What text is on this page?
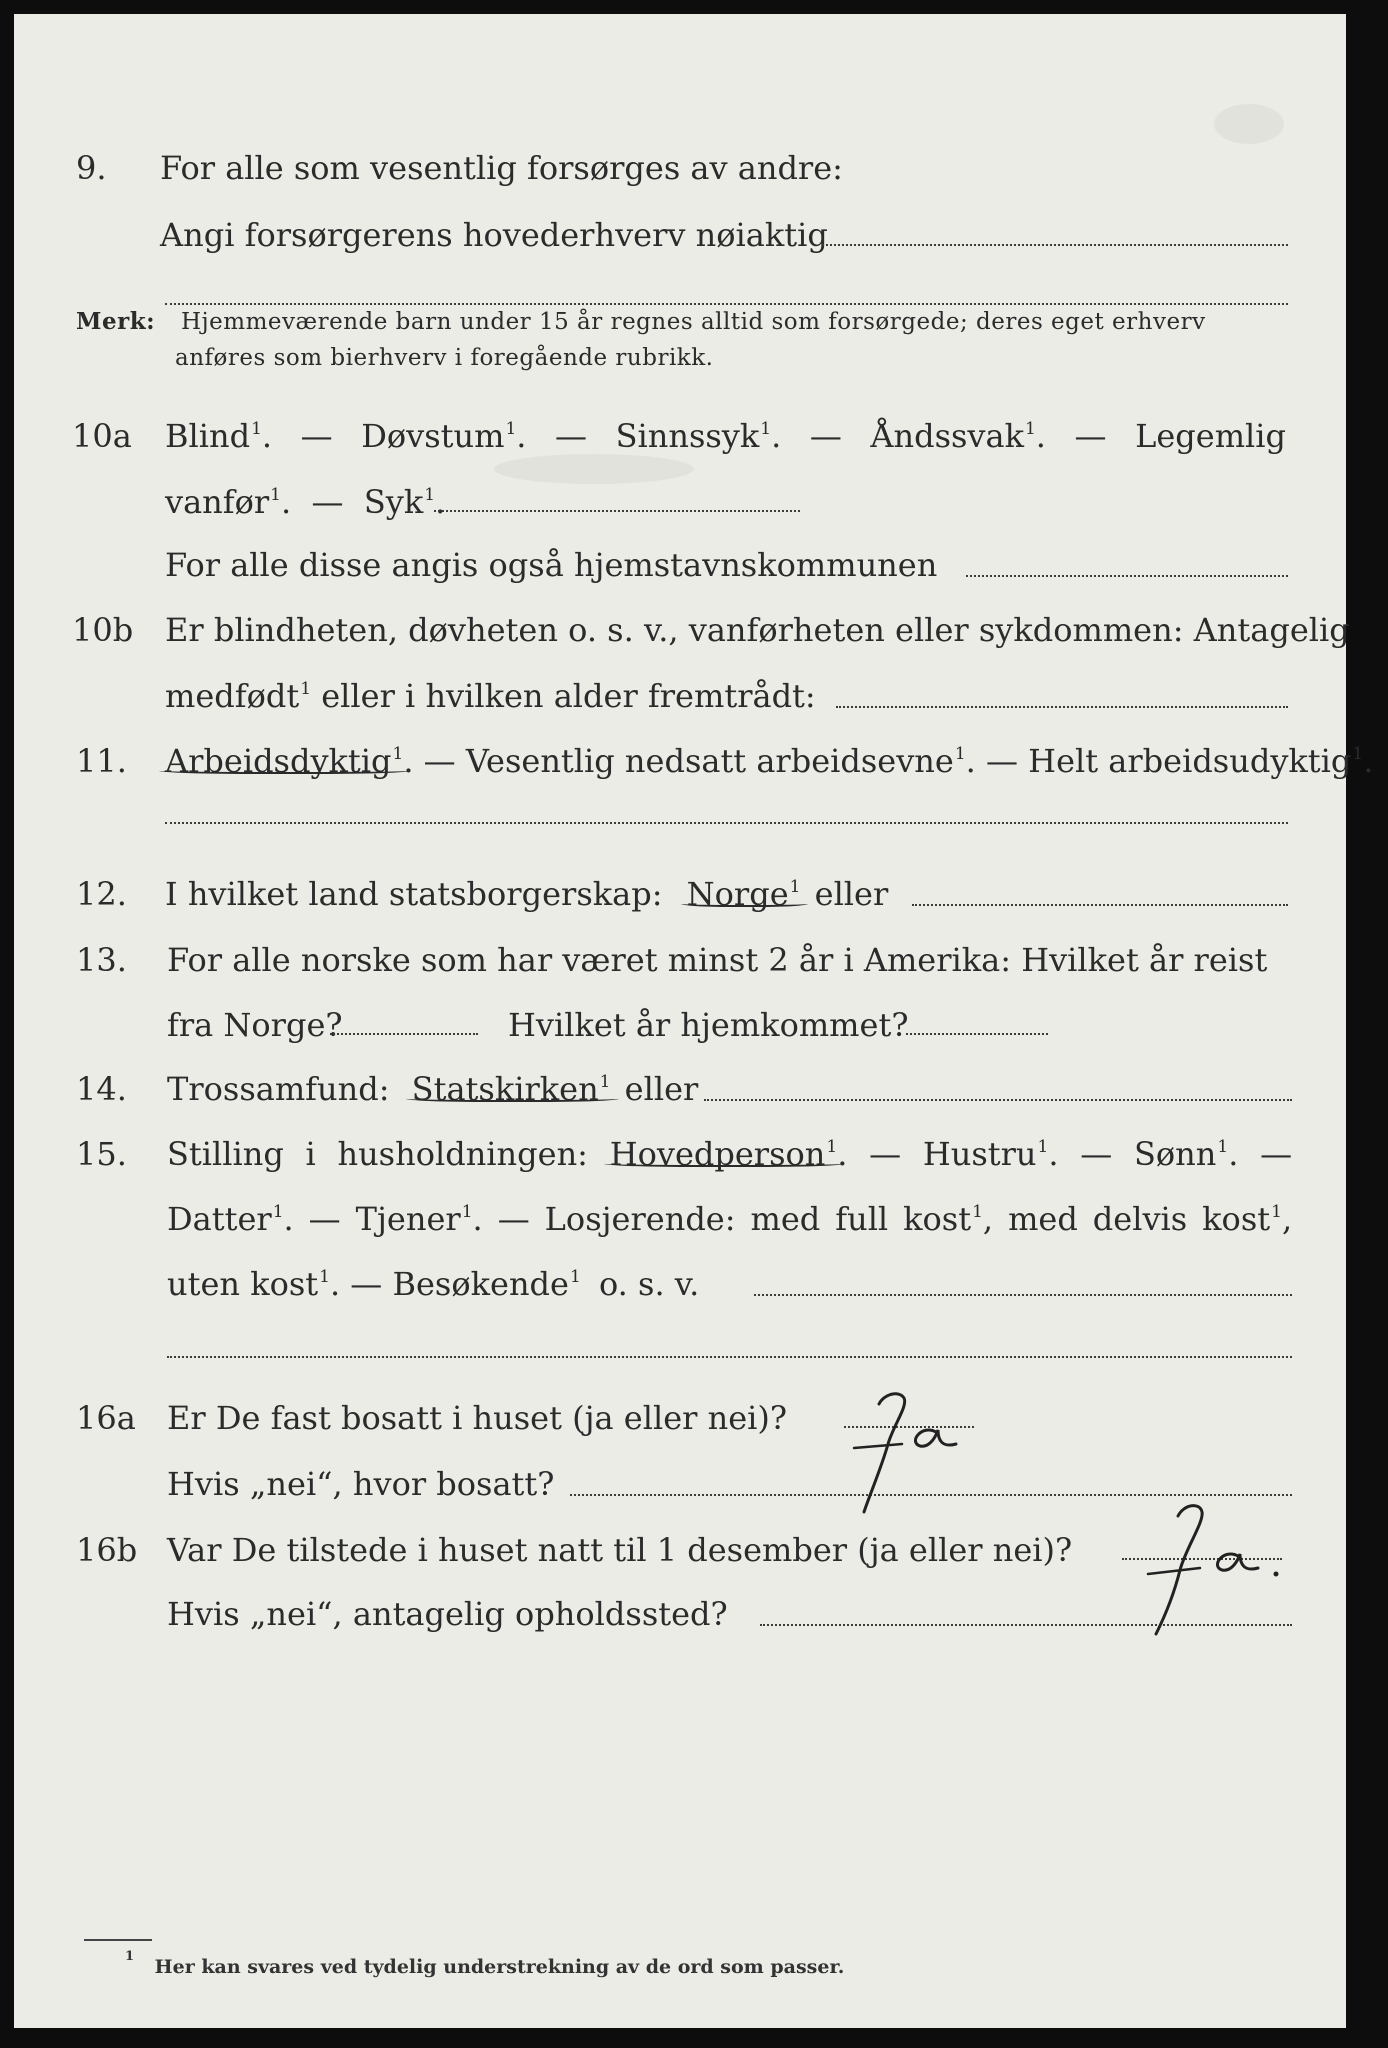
9. For alle som vesentlig forsørges av andre:
Angi forsørgerens hovederhverv nøiaktig
Merk: Hjemmeværende barn under 15 år regnes alltid som forsørgede; deres eget erhverv
anføres som bierhverv i foregående rubrikk.
10a Blind$^1$. — Døvstum$^1$. — Sinnssyk$^1$. — Åndssvak$^1$. — Legemlig
vanfør$^1$.  —  Syk$^1$.
For alle disse angis også hjemstavnskommunen
10b Er blindheten, døvheten o. s. v., vanførheten eller sykdommen: Antagelig
medfødt$^1$ eller i hvilken alder fremtrådt:
11. Arbeidsdyktig$^1$. — Vesentlig nedsatt arbeidsevne$^1$. — Helt arbeidsudyktig$^1$.
12. I hvilket land statsborgerskap: Norge$^1$ eller
13. For alle norske som har været minst 2 år i Amerika: Hvilket år reist
fra Norge?	Hvilket år hjemkommet?
14. Trossamfund: Statskirken$^1$ eller
15. Stilling i husholdningen: Hovedperson$^1$. — Hustru$^1$. — Sønn$^1$. —
Datter$^1$. — Tjener$^1$. — Losjerende: med full kost$^1$, med delvis kost$^1$,
uten kost$^1$. — Besøkende$^1$ o. s. v.
16a Er De fast bosatt i huset (ja eller nei)?
Hvis „nei“, hvor bosatt?
16b Var De tilstede i huset natt til 1 desember (ja eller nei)?
Hvis „nei“, antagelig opholdssted?
$^1$ Her kan svares ved tydelig understrekning av de ord som passer.
